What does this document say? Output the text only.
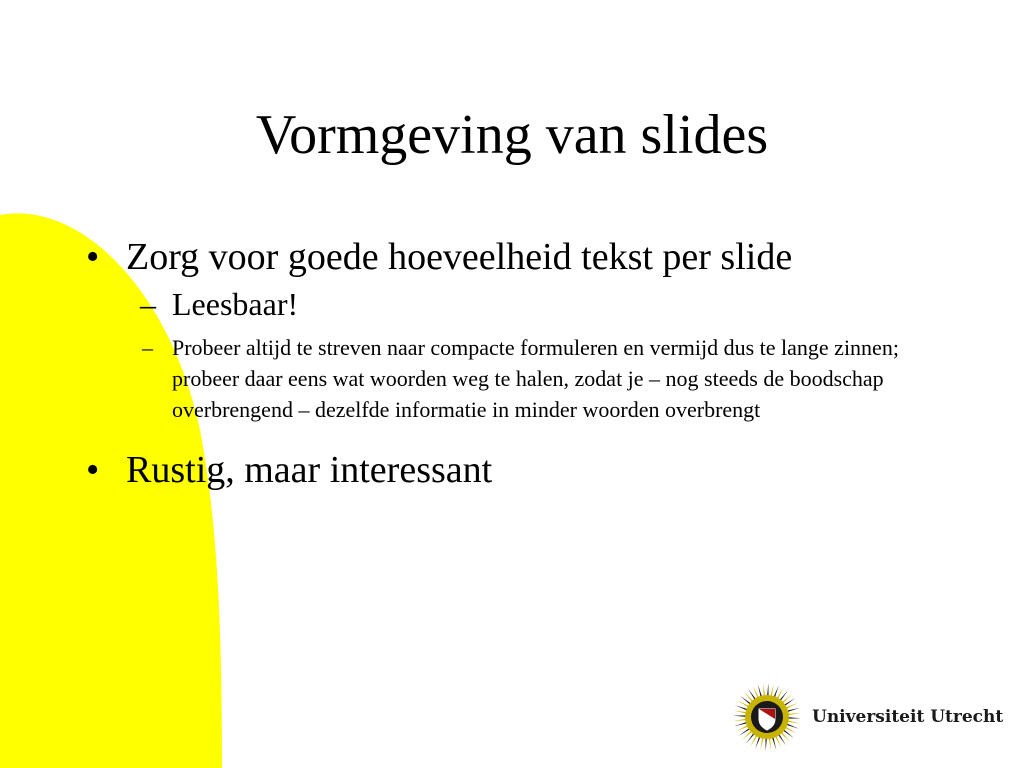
Vormgeving van slides
• Zorg voor goede hoeveelheid tekst per slide
– Leesbaar!
– Probeer altijd te streven naar compacte formuleren en vermijd dus te lange zinnen; probeer daar eens wat woorden weg te halen, zodat je – nog steeds de boodschap overbrengend – dezelfde informatie in minder woorden overbrengt
• Rustig, maar interessant
Universiteit Utrecht
